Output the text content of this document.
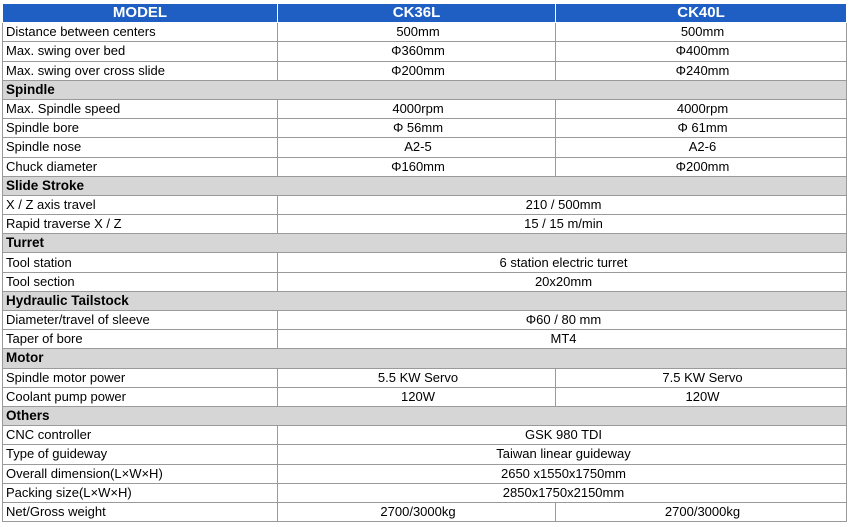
MODEL	CK36L	CK40L
Distance between centers	500mm	500mm
Max. swing over bed	Φ360mm	Φ400mm
Max. swing over cross slide	Φ200mm	Φ240mm
Spindle		
Max. Spindle speed	4000rpm	4000rpm
Spindle bore	Φ 56mm	Φ 61mm
Spindle nose	A2-5	A2-6
Chuck diameter	Φ160mm	Φ200mm
Slide Stroke		
X / Z axis travel	210 / 500mm	
Rapid traverse X / Z	15 / 15 m/min	
Turret		
Tool station	6 station electric turret	
Tool section	20x20mm	
Hydraulic Tailstock		
Diameter/travel of sleeve	Φ60 / 80 mm	
Taper of bore	MT4	
Motor		
Spindle motor power	5.5 KW Servo	7.5 KW Servo
Coolant pump power	120W	120W
Others		
CNC controller	GSK 980 TDI	
Type of guideway	Taiwan linear guideway	
Overall dimension(L×W×H)	2650 x1550x1750mm	
Packing size(L×W×H)	2850x1750x2150mm	
Net/Gross weight	2700/3000kg	2700/3000kg
